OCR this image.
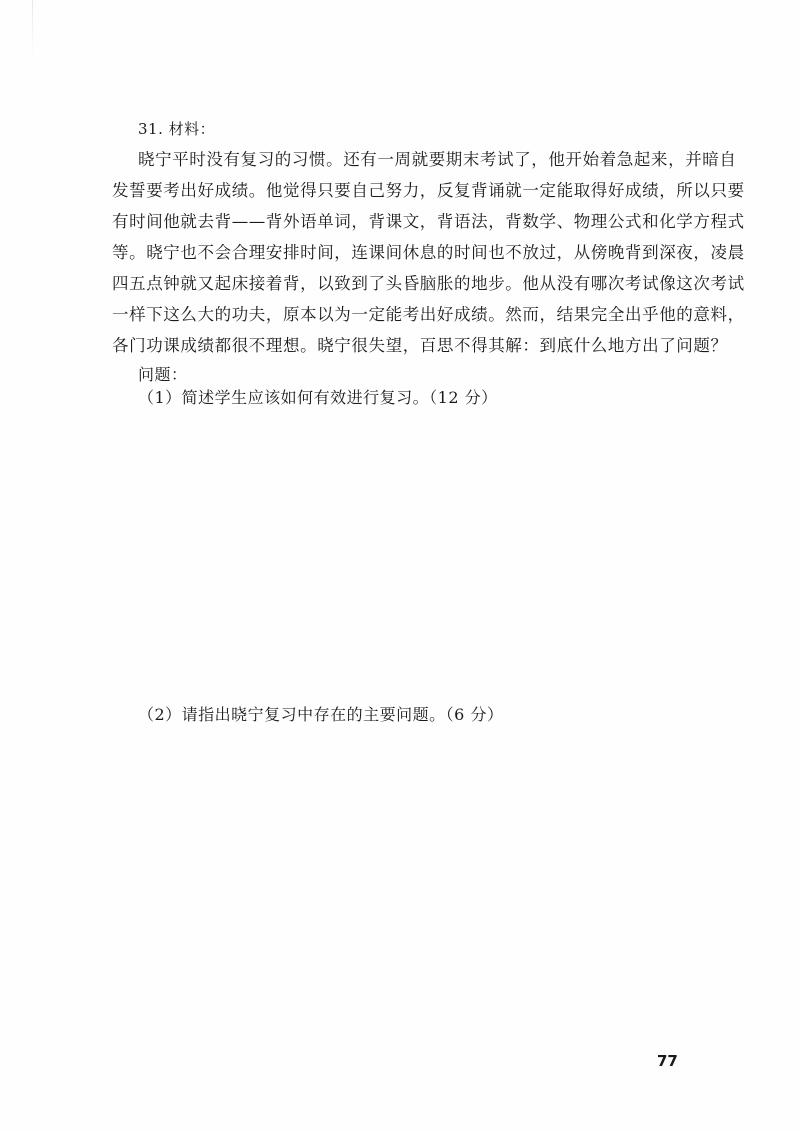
31. 材料：
晓宁平时没有复习的习惯。还有一周就要期末考试了，他开始着急起来，并暗自
发誓要考出好成绩。他觉得只要自己努力，反复背诵就一定能取得好成绩，所以只要
有时间他就去背——背外语单词，背课文，背语法，背数学、物理公式和化学方程式
等。晓宁也不会合理安排时间，连课间休息的时间也不放过，从傍晚背到深夜，凌晨
四五点钟就又起床接着背，以致到了头昏脑胀的地步。他从没有哪次考试像这次考试
一样下这么大的功夫，原本以为一定能考出好成绩。然而，结果完全出乎他的意料，
各门功课成绩都很不理想。晓宁很失望，百思不得其解：到底什么地方出了问题？
问题：
（1）简述学生应该如何有效进行复习。（12 分）
（2）请指出晓宁复习中存在的主要问题。（6 分）
77
